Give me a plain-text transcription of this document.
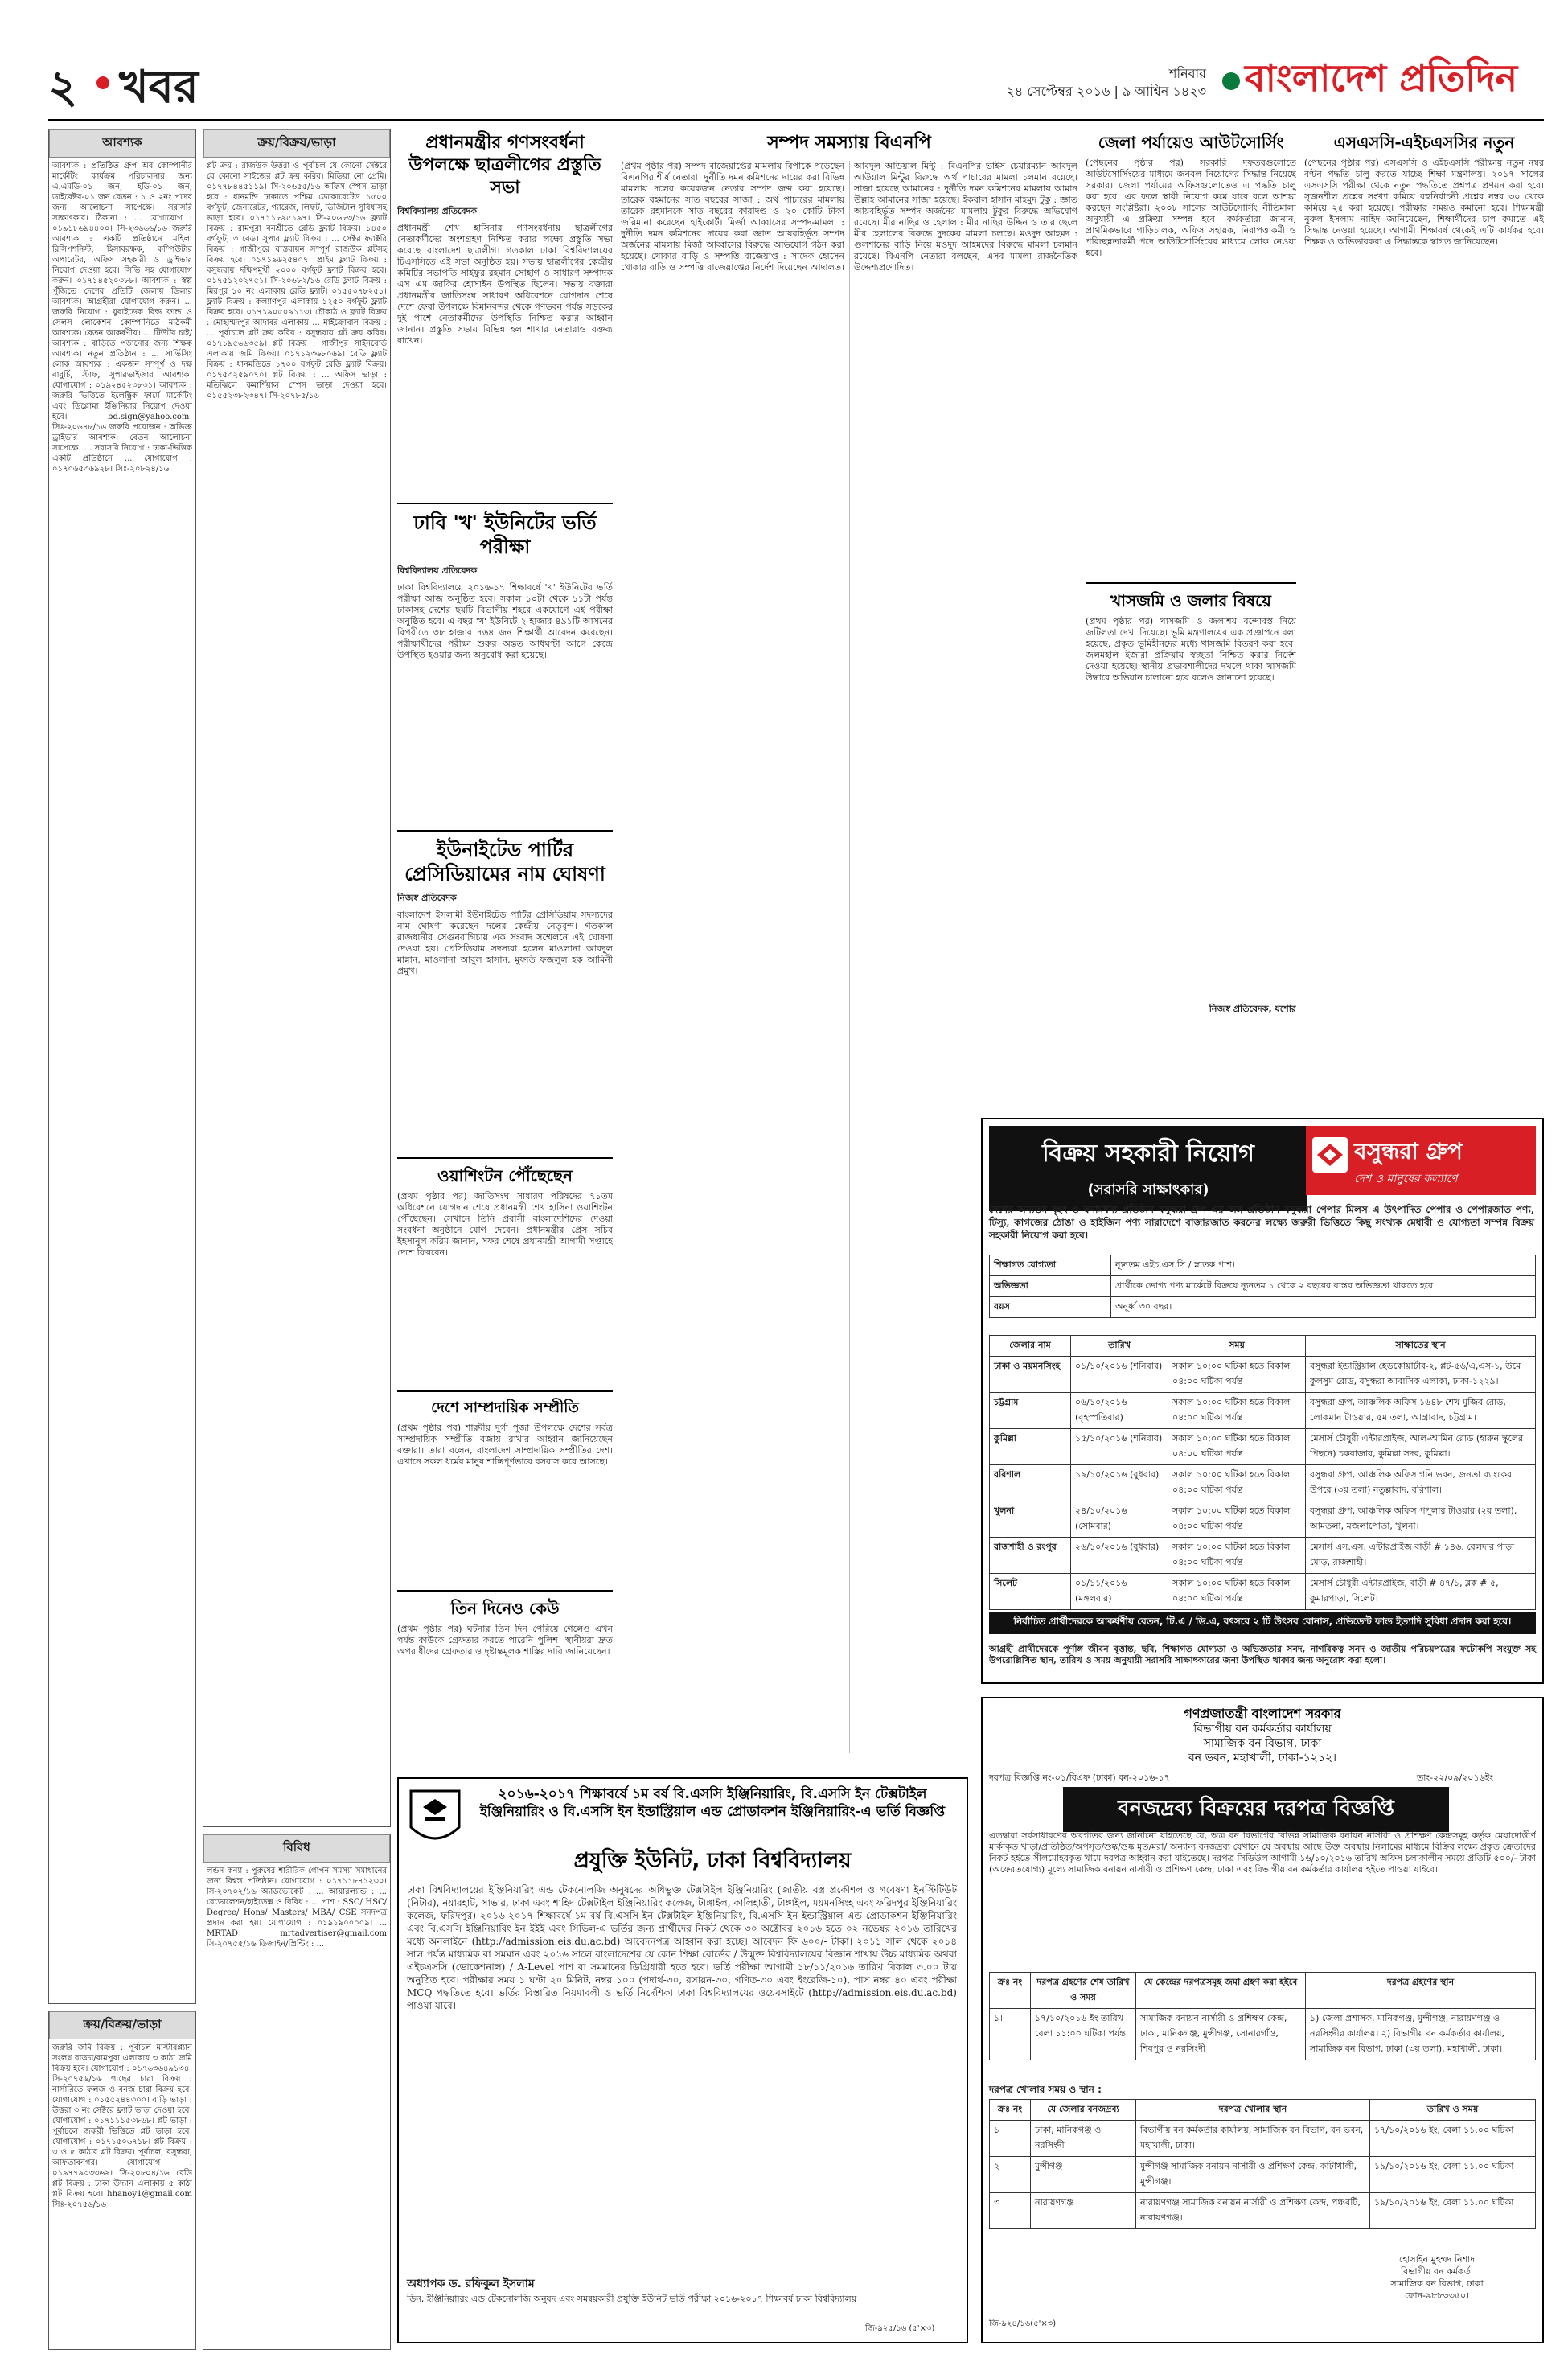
২ খবর	শনিবার
২৪ সেপ্টেম্বর ২০১৬ | ৯ আশ্বিন ১৪২৩	বাংলাদেশ প্রতিদিন
আবশ্যক
আবশ্যক : প্রতিষ্ঠিত গ্রুপ অব কোম্পানীর মার্কেটিং কার্যক্রম পরিচালনার জন্য এ.এমডি-০১ জন, ইডি-০১ জন, ডাইরেক্টর-০১ জন বেতন : ১ ও ২নং পদের জন্য আলোচনা সাপেক্ষে। সরাসরি সাক্ষাৎকার। ঠিকানা : ... যোগাযোগ : ০১৯১৮৬৯৪৪০০। সি-২৩৬৬৬/১৬ জরুরি আবশ্যক : একটি প্রতিষ্ঠানে মহিলা রিসিপশনিস্ট, হিসাবরক্ষক, কম্পিউটার অপারেটর, অফিস সহকারী ও ড্রাইভার নিয়োগ দেওয়া হবে। সিভি সহ যোগাযোগ করুন। ০১৭১৪৫২০৩৮৮। আবশ্যক : স্বল্প পুঁজিতে দেশের প্রতিটি জেলায় ডিলার আবশ্যক। আগ্রহীরা যোগাযোগ করুন। ... জরুরি নিয়োগ : যুবাইডেক বিল্ড ফান্ড ও সেলস লোকেশন কোম্পানিতে মাঠকর্মী আবশ্যক। বেতন আকর্ষণীয়। ... টিউটর চাই/আবশ্যক : বাড়িতে পড়ানোর জন্য শিক্ষক আবশ্যক। নতুন প্রতিষ্ঠান : ... সার্ভিসিং লোক আবশ্যক : একজন সম্পূর্ণ ও দক্ষ বাবুর্চি, স্টাফ, সুপারভাইজার আবশ্যক। যোগাযোগ : ০১৯২৪৫২৩৮৩১। আবশ্যক : জরুরি ভিত্তিতে ইলেক্ট্রিক ফার্মে মার্কেটিং এবং ডিপ্লোমা ইঞ্জিনিয়ার নিয়োগ দেওয়া হবে। bd.sign@yahoo.com। সিঃ-২০৬৪৮/১৬ জরুরি প্রয়োজন : অভিজ্ঞ ড্রাইভার আবশ্যক। বেতন আলোচনা সাপেক্ষে। ... সরাসরি নিয়োগ : ঢাকা-ভিত্তিক একটি প্রতিষ্ঠানে ... যোগাযোগ : ০১৭০৬৫৩৬৯২৮। সিঃ-২০৮২৪/১৬
ক্রয়/বিক্রয়/ভাড়া
জরুরি জমি বিক্রয় : পূর্বাচল মাস্টারপ্ল্যান সংলগ্ন বাড্ডা/রামপুরা এলাকায় ৩ কাঠা জমি বিক্রয় হবে। যোগাযোগ : ০১৭৬৩৬৪৯১৩৪। সি-২০৭৫৬/১৬ গাছের চারা বিক্রয় : নার্সারিতে ফলজ ও বনজ চারা বিক্রয় হবে। যোগাযোগ : ০১৫৫২৪৪৩০০। বাড়ি ভাড়া : উত্তরা ৩ নং সেক্টরে ফ্ল্যাট ভাড়া দেওয়া হবে। যোগাযোগ : ০১৭১১১৫৩৮৬৮। প্লট ভাড়া : পূর্বাচলে জরুরী ভিত্তিতে প্লট ভাড়া হবে। যোগাযোগ : ০১৭১৫০৬৭১৮। প্লট বিক্রয় : ৩ ও ৫ কাঠার প্লট বিক্রয়। পূর্বাচল, বসুন্ধরা, আফতাবনগর। যোগাযোগ : ০১৯৭৭৯৩৩৩৬৯। সি-২০৮০৪/১৬ রেডি প্লট বিক্রয় : ঢাকা উদ্যান এলাকায় ৫ কাঠা প্লট বিক্রয় হবে। hhanoy1@gmail.com সিঃ-২০৭৫৬/১৬
ক্রয়/বিক্রয়/ভাড়া
প্লট ক্রয় : রাজউক উত্তরা ও পূর্বাচল যে কোনো সেক্টরে যে কোনো সাইজের প্লট ক্রয় করিব। মিডিয়া নো প্রেমি। ০১৭৭৮৪৪৫১১৯। সি-২০৬৫৫/১৬ অফিস স্পেস ভাড়া হবে : ধানমন্ডি ঢাকাতে পশ্চিম ডেকোরেটেড ১৫০০ বর্গফুট, জেনারেটর, গ্যারেজ, লিফট, ডিজিটাল সুবিধাসহ ভাড়া হবে। ০১৭১১৮৯৫১৯৭। সি-২০৬৮৩/১৬ ফ্ল্যাট বিক্রয় : রামপুরা বনশ্রীতে রেডি ফ্ল্যাট বিক্রয়। ১৪৫০ বর্গফুট, ৩ বেড। সুপার ফ্ল্যাট বিক্রয় : ... সেক্টর ফ্যাক্টরি বিক্রয় : গাজীপুরে বাস্তবায়ন সম্পূর্ণ রাজউক প্লটসহ বিক্রয় হবে। ০১৭১৯৬২৫৪০৭। প্রাইম ফ্ল্যাট বিক্রয় : বসুন্ধরায় দক্ষিণমুখী ২০০০ বর্গফুট ফ্ল্যাট বিক্রয় হবে। ০১৭৫১২০২৭৫১। সি-২০৬৮২/১৬ রেডি ফ্ল্যাট বিক্রয় : মিরপুর ১০ নং এলাকায় রেডি ফ্ল্যাট। ০১৫৫০৭৮২৫১। ফ্ল্যাট বিক্রয় : কল্যাণপুর এলাকায় ১২৫০ বর্গফুট ফ্ল্যাট বিক্রয় হবে। ০১৭১৯০৫০৯১১৩। চৌকাঠ ও ফ্ল্যাট বিক্রয় : মোহাম্মদপুর আদাবর এলাকায় ... মাইক্রোবাস বিক্রয় : ... পূর্বাচলে প্লট ক্রয় করিব : বসুন্ধরায় প্লট ক্রয় করিব। ০১৭১৯৫৬৬৩৫৯। প্লট বিক্রয় : গাজীপুর সাইনবোর্ড এলাকায় জমি বিক্রয়। ০১৭১২৩৬৮০৬৯। রেডি ফ্ল্যাট বিক্রয় : ধানমন্ডিতে ১৭০০ বর্গফুট রেডি ফ্ল্যাট বিক্রয়। ০১৭৫৩২৫৯০৭০। প্লট বিক্রয় : ... অফিস ভাড়া : মতিঝিলে কমার্শিয়াল স্পেস ভাড়া দেওয়া হবে। ০১৫৫২৩৮২৩৪৭। সি-২০৭৮৫/১৬
বিবিধ
লন্ডন কন্যা : পুরুষের শারীরিক গোপন সমস্যা সমাধানের জন্য বিশ্বস্ত প্রতিষ্ঠান। যোগাযোগ : ০১৭১১৮৪১২৩০। সি-২০৭০২/১৬ অ্যাডভোকেট : ... আয়ারল্যান্ড : ... রেভোলেশন/হাইডেক্স ও বিবিধ : ... পাশ : SSC/ HSC/ Degree/ Hons/ Masters/ MBA/ CSE সনদপত্র প্রদান করা হয়। যোগাযোগ : ০১৯১৯০০০০৯। ... MRTAD। mrtadvertiser@gmail.com সি-২০৭৫৫/১৬ ডিজাইন/প্রিন্টিং : ...
প্রধানমন্ত্রীর গণসংবর্ধনা উপলক্ষে ছাত্রলীগের প্রস্তুতি সভা
বিশ্ববিদ্যালয় প্রতিবেদক
প্রধানমন্ত্রী শেখ হাসিনার গণসংবর্ধনায় ছাত্রলীগের নেতাকর্মীদের অংশগ্রহণ নিশ্চিত করার লক্ষ্যে প্রস্তুতি সভা করেছে বাংলাদেশ ছাত্রলীগ। গতকাল ঢাকা বিশ্ববিদ্যালয়ের টিএসসিতে এই সভা অনুষ্ঠিত হয়। সভায় ছাত্রলীগের কেন্দ্রীয় কমিটির সভাপতি সাইফুর রহমান সোহাগ ও সাধারণ সম্পাদক এস এম জাকির হোসাইন উপস্থিত ছিলেন। সভায় বক্তারা প্রধানমন্ত্রীর জাতিসংঘ সাধারণ অধিবেশনে যোগদান শেষে দেশে ফেরা উপলক্ষে বিমানবন্দর থেকে গণভবন পর্যন্ত সড়কের দুই পাশে নেতাকর্মীদের উপস্থিতি নিশ্চিত করার আহ্বান জানান। প্রস্তুতি সভায় বিভিন্ন হল শাখার নেতারাও বক্তব্য রাখেন।
ঢাবি 'খ' ইউনিটের ভর্তি পরীক্ষা
বিশ্ববিদ্যালয় প্রতিবেদক
ঢাকা বিশ্ববিদ্যালয়ে ২০১৬-১৭ শিক্ষাবর্ষে 'খ' ইউনিটের ভর্তি পরীক্ষা আজ অনুষ্ঠিত হবে। সকাল ১০টা থেকে ১১টা পর্যন্ত ঢাকাসহ দেশের ছয়টি বিভাগীয় শহরে একযোগে এই পরীক্ষা অনুষ্ঠিত হবে। এ বছর 'খ' ইউনিটে ২ হাজার ৪৯১টি আসনের বিপরীতে ৩৮ হাজার ৭৬৪ জন শিক্ষার্থী আবেদন করেছেন। পরীক্ষার্থীদের পরীক্ষা শুরুর অন্তত আধঘণ্টা আগে কেন্দ্রে উপস্থিত হওয়ার জন্য অনুরোধ করা হয়েছে।
ইউনাইটেড পার্টির প্রেসিডিয়ামের নাম ঘোষণা
নিজস্ব প্রতিবেদক
বাংলাদেশ ইসলামী ইউনাইটেড পার্টির প্রেসিডিয়াম সদস্যদের নাম ঘোষণা করেছেন দলের কেন্দ্রীয় নেতৃবৃন্দ। গতকাল রাজধানীর সেগুনবাগিচায় এক সংবাদ সম্মেলনে এই ঘোষণা দেওয়া হয়। প্রেসিডিয়াম সদস্যরা হলেন মাওলানা আবদুল মান্নান, মাওলানা আবুল হাসান, মুফতি ফজলুল হক আমিনী প্রমুখ।
ওয়াশিংটন পৌঁছেছেন
(প্রথম পৃষ্ঠার পর) জাতিসংঘ সাধারণ পরিষদের ৭১তম অধিবেশনে যোগদান শেষে প্রধানমন্ত্রী শেখ হাসিনা ওয়াশিংটন পৌঁছেছেন। সেখানে তিনি প্রবাসী বাংলাদেশিদের দেওয়া সংবর্ধনা অনুষ্ঠানে যোগ দেবেন। প্রধানমন্ত্রীর প্রেস সচিব ইহসানুল করিম জানান, সফর শেষে প্রধানমন্ত্রী আগামী সপ্তাহে দেশে ফিরবেন।
দেশে সাম্প্রদায়িক সম্প্রীতি
(প্রথম পৃষ্ঠার পর) শারদীয় দুর্গা পূজা উপলক্ষে দেশের সর্বত্র সাম্প্রদায়িক সম্প্রীতি বজায় রাখার আহ্বান জানিয়েছেন বক্তারা। তারা বলেন, বাংলাদেশ সাম্প্রদায়িক সম্প্রীতির দেশ। এখানে সকল ধর্মের মানুষ শান্তিপূর্ণভাবে বসবাস করে আসছে।
তিন দিনেও কেউ
(প্রথম পৃষ্ঠার পর) ঘটনার তিন দিন পেরিয়ে গেলেও এখন পর্যন্ত কাউকে গ্রেফতার করতে পারেনি পুলিশ। স্থানীয়রা দ্রুত অপরাধীদের গ্রেফতার ও দৃষ্টান্তমূলক শাস্তির দাবি জানিয়েছেন।
সম্পদ সমস্যায় বিএনপি
(প্রথম পৃষ্ঠার পর) সম্পদ বাজেয়াপ্তের মামলায় বিপাকে পড়েছেন বিএনপির শীর্ষ নেতারা। দুর্নীতি দমন কমিশনের দায়ের করা বিভিন্ন মামলায় দলের কয়েকজন নেতার সম্পদ জব্দ করা হয়েছে। তারেক রহমানের সাত বছরের সাজা : অর্থ পাচারের মামলায় তারেক রহমানকে সাত বছরের কারাদণ্ড ও ২০ কোটি টাকা জরিমানা করেছেন হাইকোর্ট। মির্জা আব্বাসের সম্পদ-মামলা : দুর্নীতি দমন কমিশনের দায়ের করা জ্ঞাত আয়বহির্ভূত সম্পদ অর্জনের মামলায় মির্জা আব্বাসের বিরুদ্ধে অভিযোগ গঠন করা হয়েছে। খোকার বাড়ি ও সম্পত্তি বাজেয়াপ্ত : সাদেক হোসেন খোকার বাড়ি ও সম্পত্তি বাজেয়াপ্তের নির্দেশ দিয়েছেন আদালত। আবদুল আউয়াল মিন্টু : বিএনপির ভাইস চেয়ারম্যান আবদুল আউয়াল মিন্টুর বিরুদ্ধে অর্থ পাচারের মামলা চলমান রয়েছে। সাজা হয়েছে আমানের : দুর্নীতি দমন কমিশনের মামলায় আমান উল্লাহ আমানের সাজা হয়েছে। ইকবাল হাসান মাহমুদ টুকু : জ্ঞাত আয়বহির্ভূত সম্পদ অর্জনের মামলায় টুকুর বিরুদ্ধে অভিযোগ রয়েছে। মীর নাছির ও হেলাল : মীর নাছির উদ্দিন ও তার ছেলে মীর হেলালের বিরুদ্ধে দুদকের মামলা চলছে। মওদুদ আহমদ : গুলশানের বাড়ি নিয়ে মওদুদ আহমদের বিরুদ্ধে মামলা চলমান রয়েছে। বিএনপি নেতারা বলছেন, এসব মামলা রাজনৈতিক উদ্দেশ্যপ্রণোদিত।
জেলা পর্যায়েও আউটসোর্সিং
(পেছনের পৃষ্ঠার পর) সরকারি দফতরগুলোতে আউটসোর্সিংয়ের মাধ্যমে জনবল নিয়োগের সিদ্ধান্ত নিয়েছে সরকার। জেলা পর্যায়ের অফিসগুলোতেও এ পদ্ধতি চালু করা হবে। এর ফলে স্থায়ী নিয়োগ কমে যাবে বলে আশঙ্কা করছেন সংশ্লিষ্টরা। ২০০৮ সালের আউটসোর্সিং নীতিমালা অনুযায়ী এ প্রক্রিয়া সম্পন্ন হবে। কর্মকর্তারা জানান, প্রাথমিকভাবে গাড়িচালক, অফিস সহায়ক, নিরাপত্তাকর্মী ও পরিচ্ছন্নতাকর্মী পদে আউটসোর্সিংয়ের মাধ্যমে লোক নেওয়া হবে।
খাসজমি ও জলার বিষয়ে
(প্রথম পৃষ্ঠার পর) খাসজমি ও জলাশয় বন্দোবস্ত নিয়ে জটিলতা দেখা দিয়েছে। ভূমি মন্ত্রণালয়ের এক প্রজ্ঞাপনে বলা হয়েছে, প্রকৃত ভূমিহীনদের মধ্যে খাসজমি বিতরণ করা হবে। জলমহাল ইজারা প্রক্রিয়ায় স্বচ্ছতা নিশ্চিত করার নির্দেশ দেওয়া হয়েছে। স্থানীয় প্রভাবশালীদের দখলে থাকা খাসজমি উদ্ধারে অভিযান চালানো হবে বলেও জানানো হয়েছে।
নিজস্ব প্রতিবেদক, যশোর
এসএসসি-এইচএসসির নতুন
(পেছনের পৃষ্ঠার পর) এসএসসি ও এইচএসসি পরীক্ষায় নতুন নম্বর বণ্টন পদ্ধতি চালু করতে যাচ্ছে শিক্ষা মন্ত্রণালয়। ২০১৭ সালের এসএসসি পরীক্ষা থেকে নতুন পদ্ধতিতে প্রশ্নপত্র প্রণয়ন করা হবে। সৃজনশীল প্রশ্নের সংখ্যা কমিয়ে বহুনির্বাচনী প্রশ্নের নম্বর ৩০ থেকে কমিয়ে ২৫ করা হয়েছে। পরীক্ষার সময়ও কমানো হবে। শিক্ষামন্ত্রী নুরুল ইসলাম নাহিদ জানিয়েছেন, শিক্ষার্থীদের চাপ কমাতে এই সিদ্ধান্ত নেওয়া হয়েছে। আগামী শিক্ষাবর্ষ থেকেই এটি কার্যকর হবে। শিক্ষক ও অভিভাবকরা এ সিদ্ধান্তকে স্বাগত জানিয়েছেন।
বিক্রয় সহকারী নিয়োগ
(সরাসরি সাক্ষাৎকার)
বসুন্ধরা গ্রুপ
দেশ ও মানুষের কল্যাণে
দেশের অন্যতম বৃহৎ ও স্বনামধন্য প্রতিষ্ঠান বসুন্ধরা গ্রুপ এর অঙ্গ প্রতিষ্ঠান বসুন্ধরা পেপার মিলস এ উৎপাদিত পেপার ও পেপারজাত পণ্য, টিস্যু, কাগজের ঠোঙা ও হাইজিন পণ্য সারাদেশে বাজারজাত করনের লক্ষ্যে জরুরী ভিত্তিতে কিছু সংখ্যক মেধাবী ও যোগ্যতা সম্পন্ন বিক্রয় সহকারী নিয়োগ করা হবে।
শিক্ষাগত যোগ্যতা	ন্যূনতম এইচ.এস.সি / স্নাতক পাশ।
অভিজ্ঞতা	প্রার্থীকে ভোগ্য পণ্য মার্কেটে বিক্রয়ে ন্যূনতম ১ থেকে ২ বছরের বাস্তব অভিজ্ঞতা থাকতে হবে।
বয়স	অনূর্ধ্ব ৩০ বছর।
জেলার নাম	তারিখ	সময়	সাক্ষাতের স্থান
ঢাকা ও ময়মনসিংহ	০১/১০/২০১৬ (শনিবার)	সকাল ১০:০০ ঘটিকা হতে বিকাল ০৪:০০ ঘটিকা পর্যন্ত	বসুন্ধরা ইন্ডাস্ট্রিয়াল হেডকোয়ার্টার-২, প্লট-৫৬/এ,এস-১, উমে কুলসুম রোড, বসুন্ধরা আবাসিক এলাকা, ঢাকা-১২২৯।
চট্টগ্রাম	০৬/১০/২০১৬ (বৃহস্পতিবার)	সকাল ১০:০০ ঘটিকা হতে বিকাল ০৪:০০ ঘটিকা পর্যন্ত	বসুন্ধরা গ্রুপ, আঞ্চলিক অফিস ১৬৪৮ শেখ মুজিব রোড, লোকমান টাওয়ার, ৫ম তলা, আগ্রাবাদ, চট্টগ্রাম।
কুমিল্লা	১৫/১০/২০১৬ (শনিবার)	সকাল ১০:০০ ঘটিকা হতে বিকাল ০৪:০০ ঘটিকা পর্যন্ত	মেসার্স চৌধুরী এন্টারপ্রাইজ, আল-আমিন রোড (হারুন স্কুলের পিছনে) চকবাজার, কুমিল্লা সদর, কুমিল্লা।
বরিশাল	১৯/১০/২০১৬ (বুধবার)	সকাল ১০:০০ ঘটিকা হতে বিকাল ০৪:০০ ঘটিকা পর্যন্ত	বসুন্ধরা গ্রুপ, আঞ্চলিক অফিস গনি ভবন, জনতা ব্যাংকের উপরে (৩য় তলা) নতুল্লাবাদ, বরিশাল।
খুলনা	২৪/১০/২০১৬ (সোমবার)	সকাল ১০:০০ ঘটিকা হতে বিকাল ০৪:০০ ঘটিকা পর্যন্ত	বসুন্ধরা গ্রুপ, আঞ্চলিক অফিস পপুলার টাওয়ার (২য় তলা), আমতলা, মজলাপোতা, খুলনা।
রাজশাহী ও রংপুর	২৬/১০/২০১৬ (বুধবার)	সকাল ১০:০০ ঘটিকা হতে বিকাল ০৪:০০ ঘটিকা পর্যন্ত	মেসার্স এস.এস. এন্টারপ্রাইজ বাড়ী # ১৪৬, বেলদার পাড়া মোড়, রাজশাহী।
সিলেট	০১/১১/২০১৬ (মঙ্গলবার)	সকাল ১০:০০ ঘটিকা হতে বিকাল ০৪:০০ ঘটিকা পর্যন্ত	মেসার্স চৌধুরী এন্টারপ্রাইজ, বাড়ী # ৪৭/১, ব্লক # ৫, কুমারপাড়া, সিলেট।
নির্বাচিত প্রার্থীদেরকে আকর্ষণীয় বেতন, টি.এ / ডি.এ, বৎসরে ২ টি উৎসব বোনাস, প্রভিডেন্ট ফান্ড ইত্যাদি সুবিধা প্রদান করা হবে।
আগ্রহী প্রার্থীদেরকে পূর্ণাঙ্গ জীবন বৃত্তান্ত, ছবি, শিক্ষাগত যোগ্যতা ও অভিজ্ঞতার সনদ, নাগরিকত্ব সনদ ও জাতীয় পরিচয়পত্রের ফটোকপি সংযুক্ত সহ উপরোল্লিখিত স্থান, তারিখ ও সময় অনুযায়ী সরাসরি সাক্ষাৎকারের জন্য উপস্থিত থাকার জন্য অনুরোধ করা হলো।
২০১৬-২০১৭ শিক্ষাবর্ষে ১ম বর্ষ বি.এসসি ইঞ্জিনিয়ারিং, বি.এসসি ইন টেক্সটাইল ইঞ্জিনিয়ারিং ও বি.এসসি ইন ইন্ডাস্ট্রিয়াল এন্ড প্রোডাকশন ইঞ্জিনিয়ারিং-এ ভর্তি বিজ্ঞপ্তি
প্রযুক্তি ইউনিট, ঢাকা বিশ্ববিদ্যালয়
ঢাকা বিশ্ববিদ্যালয়ের ইঞ্জিনিয়ারিং এন্ড টেকনোলজি অনুষদের অধিভুক্ত টেক্সটাইল ইঞ্জিনিয়ারিং (জাতীয় বস্ত্র প্রকৌশল ও গবেষণা ইনস্টিটিউট (নিটার), নয়ারহাট, সাভার, ঢাকা এবং শাহিদ টেক্সটাইল ইঞ্জিনিয়ারিং কলেজ, টাঙ্গাইল, কালিহাতী, টাঙ্গাইল, ময়মনসিংহ এবং ফরিদপুর ইঞ্জিনিয়ারিং কলেজ, ফরিদপুর) ২০১৬-২০১৭ শিক্ষাবর্ষে ১ম বর্ষ বি.এসসি ইন টেক্সটাইল ইঞ্জিনিয়ারিং, বি.এসসি ইন ইন্ডাস্ট্রিয়াল এন্ড প্রোডাকশন ইঞ্জিনিয়ারিং এবং বি.এসসি ইঞ্জিনিয়ারিং ইন ইইই এবং সিভিল-এ ভর্তির জন্য প্রার্থীদের নিকট থেকে ৩০ অক্টোবর ২০১৬ হতে ০২ নভেম্বর ২০১৬ তারিখের মধ্যে অনলাইনে (http://admission.eis.du.ac.bd) আবেদনপত্র আহ্বান করা হচ্ছে। আবেদন ফি ৬০০/- টাকা। ২০১১ সাল থেকে ২০১৪ সাল পর্যন্ত মাধ্যমিক বা সমমান এবং ২০১৬ সালে বাংলাদেশের যে কোন শিক্ষা বোর্ডের / উন্মুক্ত বিশ্ববিদ্যালয়ের বিজ্ঞান শাখায় উচ্চ মাধ্যমিক অথবা এইচএসসি (ভোকেশনাল) / A-Level পাশ বা সমমানের ডিগ্রিধারী হতে হবে। ভর্তি পরীক্ষা আগামী ১৮/১১/২০১৬ তারিখ বিকাল ৩.০০ টায় অনুষ্ঠিত হবে। পরীক্ষার সময় ১ ঘণ্টা ২০ মিনিট, নম্বর ১০০ (পদার্থ-৩০, রসায়ন-৩০, গণিত-৩০ এবং ইংরেজি-১০), পাস নম্বর ৪০ এবং পরীক্ষা MCQ পদ্ধতিতে হবে। ভর্তির বিস্তারিত নিয়মাবলী ও ভর্তি নির্দেশিকা ঢাকা বিশ্ববিদ্যালয়ের ওয়েবসাইটে (http://admission.eis.du.ac.bd) পাওয়া যাবে।
অধ্যাপক ড. রফিকুল ইসলাম
ডিন, ইঞ্জিনিয়ারিং এন্ড টেকনোলজি অনুষদ এবং সমন্বয়কারী প্রযুক্তি ইউনিট ভর্তি পরীক্ষা ২০১৬-২০১৭ শিক্ষাবর্ষ ঢাকা বিশ্ববিদ্যালয়
জি-৯২৫/১৬ (৫'×৩)
গণপ্রজাতন্ত্রী বাংলাদেশ সরকার
বিভাগীয় বন কর্মকর্তার কার্যালয়
সামাজিক বন বিভাগ, ঢাকা
বন ভবন, মহাখালী, ঢাকা-১২১২।
দরপত্র বিজ্ঞপ্তি নং-০১/বিএফ (ঢাকা) বন-২০১৬-১৭	তাং-২২/০৯/২০১৬ইং
বনজদ্রব্য বিক্রয়ের দরপত্র বিজ্ঞপ্তি
এতদ্বারা সর্বসাধারণের অবগতির জন্য জানানো যাইতেছে যে, অত্র বন বিভাগের বিভিন্ন সামাজিক বনায়ন নার্সারী ও প্রশিক্ষণ কেন্দ্রসমূহ কর্তৃক মেয়াদোত্তীর্ণ মার্কাকৃত খাড়া/প্রতিষ্ঠিত/অপসৃত/শুষ্ক/শুষ্ক মৃত/মরা/ অন্যান্য বনজদ্রব্য যেখানে যে অবস্থায় আছে উক্ত অবস্থায় নিলামের মাধ্যমে বিক্রির লক্ষ্যে প্রকৃত ক্রেতাদের নিকট হইতে সীলমোহরকৃত খামে দরপত্র আহ্বান করা যাইতেছে। দরপত্র সিডিউল আগামী ১৬/১০/২০১৬ তারিখ অফিস চলাকালীন সময়ে প্রতিটি ৫০০/- টাকা (অফেরতযোগ্য) মূল্যে সামাজিক বনায়ন নার্সারী ও প্রশিক্ষণ কেন্দ্র, ঢাকা এবং বিভাগীয় বন কর্মকর্তার কার্যালয় হইতে পাওয়া যাইবে।
ক্রঃ নং	দরপত্র গ্রহণের শেষ তারিখ ও সময়	যে কেন্দ্রের দরপত্রসমূহ জমা গ্রহণ করা হইবে	দরপত্র গ্রহণের স্থান
১।	১৭/১০/২০১৬ ইং তারিখ বেলা ১১:০০ ঘটিকা পর্যন্ত	সামাজিক বনায়ন নার্সারী ও প্রশিক্ষণ কেন্দ্র, ঢাকা, মানিকগঞ্জ, মুন্সীগঞ্জ, সোনারগাঁও, শিবপুর ও নরসিংদী	১) জেলা প্রশাসক, মানিকগঞ্জ, মুন্সীগঞ্জ, নারায়ণগঞ্জ ও নরসিংদীর কার্যালয়। ২) বিভাগীয় বন কর্মকর্তার কার্যালয়, সামাজিক বন বিভাগ, ঢাকা (৩য় তলা), মহাখালী, ঢাকা।
দরপত্র খোলার সময় ও স্থান :
ক্রঃ নং	যে জেলার বনজদ্রব্য	দরপত্র খোলার স্থান	তারিখ ও সময়
১	ঢাকা, মানিকগঞ্জ ও নরসিংদী	বিভাগীয় বন কর্মকর্তার কার্যালয়, সামাজিক বন বিভাগ, বন ভবন, মহাখালী, ঢাকা।	১৭/১০/২০১৬ ইং, বেলা ১১.০০ ঘটিকা
২	মুন্সীগঞ্জ	মুন্সীগঞ্জ সামাজিক বনায়ন নার্সারী ও প্রশিক্ষণ কেন্দ্র, কাটাখালী, মুন্সীগঞ্জ।	১৯/১০/২০১৬ ইং, বেলা ১১.০০ ঘটিকা
৩	নারায়ণগঞ্জ	নারায়ণগঞ্জ সামাজিক বনায়ন নার্সারী ও প্রশিক্ষণ কেন্দ্র, পঞ্চবটি, নারায়ণগঞ্জ।	১৯/১০/২০১৬ ইং, বেলা ১১.০০ ঘটিকা
হোসাইন মুহম্মদ নিশাদ
বিভাগীয় বন কর্মকর্তা
সামাজিক বন বিভাগ, ঢাকা
ফোন-৯৮৮৩৩৫০।
জি-৯২৪/১৬(৫'×৩)
